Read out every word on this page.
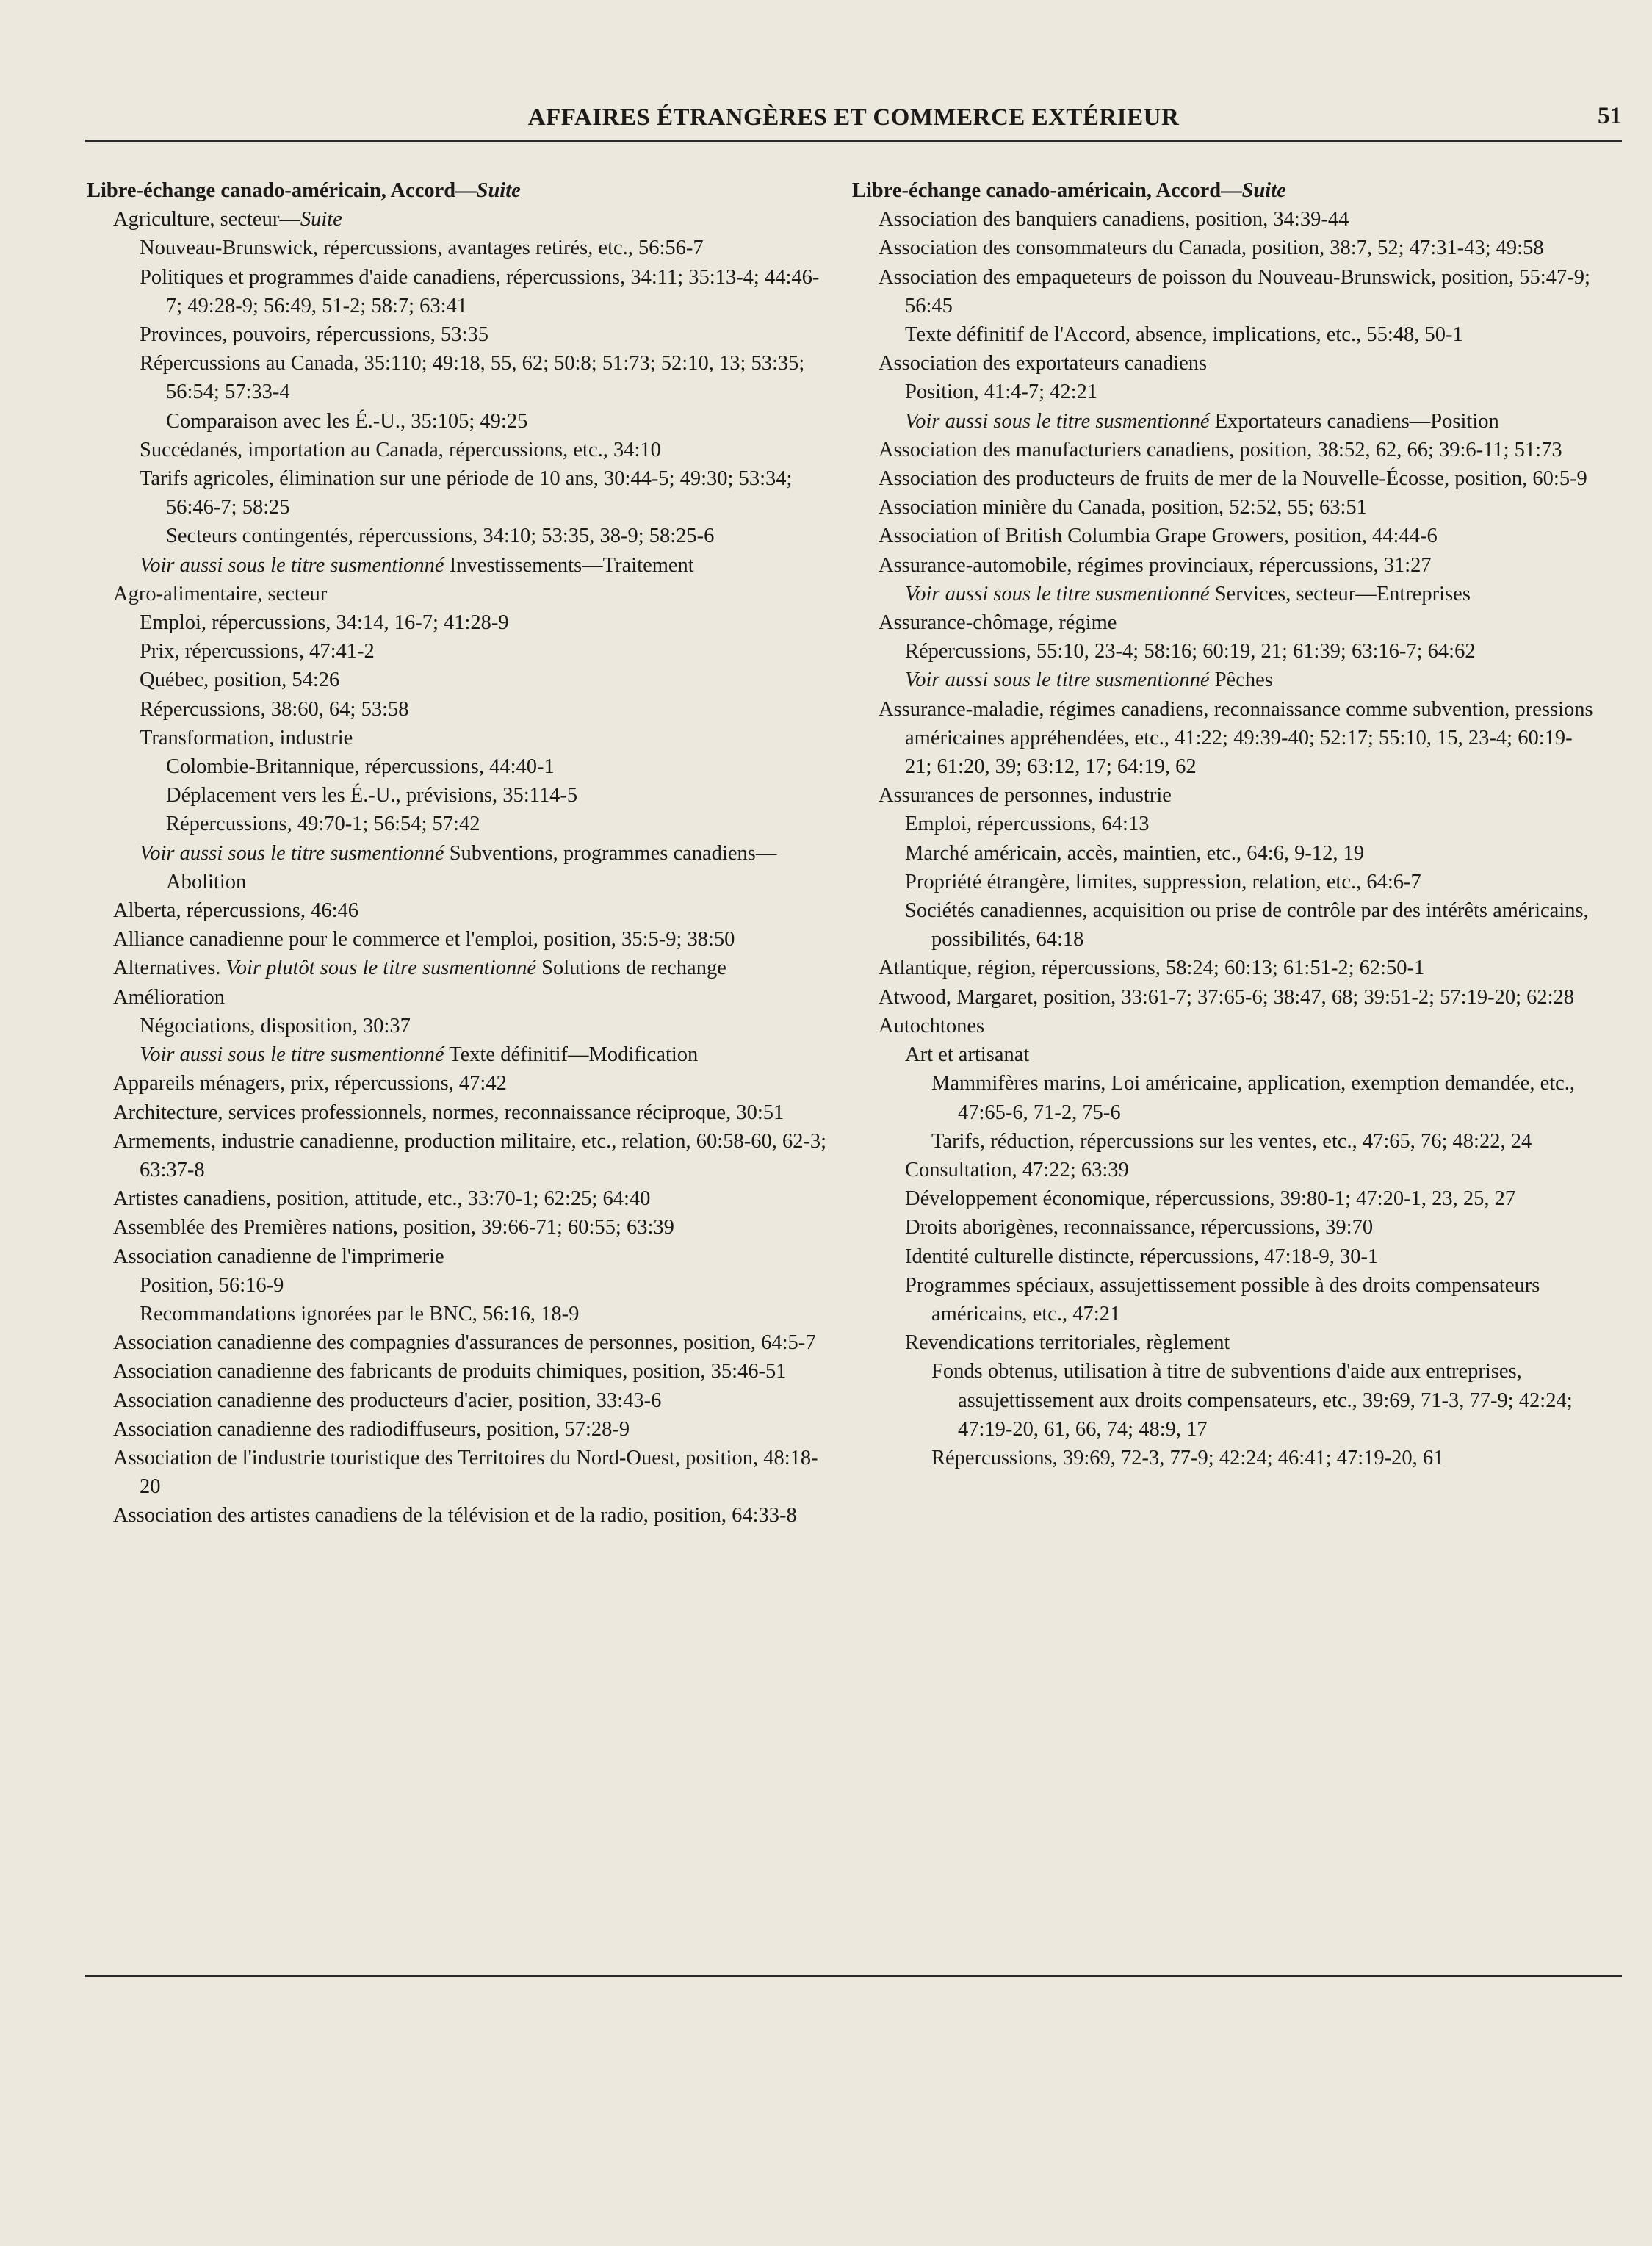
AFFAIRES ÉTRANGÈRES ET COMMERCE EXTÉRIEUR	51

Libre-échange canado-américain, Accord—Suite

Agriculture, secteur—Suite

Nouveau-Brunswick, répercussions, avantages retirés, etc., 56:56-7

Politiques et programmes d'aide canadiens, répercussions, 34:11; 35:13-4; 44:46-7; 49:28-9; 56:49, 51-2; 58:7; 63:41

Provinces, pouvoirs, répercussions, 53:35

Répercussions au Canada, 35:110; 49:18, 55, 62; 50:8; 51:73; 52:10, 13; 53:35; 56:54; 57:33-4

Comparaison avec les É.-U., 35:105; 49:25

Succédanés, importation au Canada, répercussions, etc., 34:10

Tarifs agricoles, élimination sur une période de 10 ans, 30:44-5; 49:30; 53:34; 56:46-7; 58:25

Secteurs contingentés, répercussions, 34:10; 53:35, 38-9; 58:25-6

Voir aussi sous le titre susmentionné Investissements—Traitement

Agro-alimentaire, secteur

Emploi, répercussions, 34:14, 16-7; 41:28-9

Prix, répercussions, 47:41-2

Québec, position, 54:26

Répercussions, 38:60, 64; 53:58

Transformation, industrie

Colombie-Britannique, répercussions, 44:40-1

Déplacement vers les É.-U., prévisions, 35:114-5

Répercussions, 49:70-1; 56:54; 57:42

Voir aussi sous le titre susmentionné Subventions, programmes canadiens—Abolition

Alberta, répercussions, 46:46

Alliance canadienne pour le commerce et l'emploi, position, 35:5-9; 38:50

Alternatives. Voir plutôt sous le titre susmentionné Solutions de rechange

Amélioration

Négociations, disposition, 30:37

Voir aussi sous le titre susmentionné Texte définitif—Modification

Appareils ménagers, prix, répercussions, 47:42

Architecture, services professionnels, normes, reconnaissance réciproque, 30:51

Armements, industrie canadienne, production militaire, etc., relation, 60:58-60, 62-3; 63:37-8

Artistes canadiens, position, attitude, etc., 33:70-1; 62:25; 64:40

Assemblée des Premières nations, position, 39:66-71; 60:55; 63:39

Association canadienne de l'imprimerie

Position, 56:16-9

Recommandations ignorées par le BNC, 56:16, 18-9

Association canadienne des compagnies d'assurances de personnes, position, 64:5-7

Association canadienne des fabricants de produits chimiques, position, 35:46-51

Association canadienne des producteurs d'acier, position, 33:43-6

Association canadienne des radiodiffuseurs, position, 57:28-9

Association de l'industrie touristique des Territoires du Nord-Ouest, position, 48:18-20

Association des artistes canadiens de la télévision et de la radio, position, 64:33-8

Libre-échange canado-américain, Accord—Suite

Association des banquiers canadiens, position, 34:39-44

Association des consommateurs du Canada, position, 38:7, 52; 47:31-43; 49:58

Association des empaqueteurs de poisson du Nouveau-Brunswick, position, 55:47-9; 56:45

Texte définitif de l'Accord, absence, implications, etc., 55:48, 50-1

Association des exportateurs canadiens

Position, 41:4-7; 42:21

Voir aussi sous le titre susmentionné Exportateurs canadiens—Position

Association des manufacturiers canadiens, position, 38:52, 62, 66; 39:6-11; 51:73

Association des producteurs de fruits de mer de la Nouvelle-Écosse, position, 60:5-9

Association minière du Canada, position, 52:52, 55; 63:51

Association of British Columbia Grape Growers, position, 44:44-6

Assurance-automobile, régimes provinciaux, répercussions, 31:27

Voir aussi sous le titre susmentionné Services, secteur—Entreprises

Assurance-chômage, régime

Répercussions, 55:10, 23-4; 58:16; 60:19, 21; 61:39; 63:16-7; 64:62

Voir aussi sous le titre susmentionné Pêches

Assurance-maladie, régimes canadiens, reconnaissance comme subvention, pressions américaines appréhendées, etc., 41:22; 49:39-40; 52:17; 55:10, 15, 23-4; 60:19-21; 61:20, 39; 63:12, 17; 64:19, 62

Assurances de personnes, industrie

Emploi, répercussions, 64:13

Marché américain, accès, maintien, etc., 64:6, 9-12, 19

Propriété étrangère, limites, suppression, relation, etc., 64:6-7

Sociétés canadiennes, acquisition ou prise de contrôle par des intérêts américains, possibilités, 64:18

Atlantique, région, répercussions, 58:24; 60:13; 61:51-2; 62:50-1

Atwood, Margaret, position, 33:61-7; 37:65-6; 38:47, 68; 39:51-2; 57:19-20; 62:28

Autochtones

Art et artisanat

Mammifères marins, Loi américaine, application, exemption demandée, etc., 47:65-6, 71-2, 75-6

Tarifs, réduction, répercussions sur les ventes, etc., 47:65, 76; 48:22, 24

Consultation, 47:22; 63:39

Développement économique, répercussions, 39:80-1; 47:20-1, 23, 25, 27

Droits aborigènes, reconnaissance, répercussions, 39:70

Identité culturelle distincte, répercussions, 47:18-9, 30-1

Programmes spéciaux, assujettissement possible à des droits compensateurs américains, etc., 47:21

Revendications territoriales, règlement

Fonds obtenus, utilisation à titre de subventions d'aide aux entreprises, assujettissement aux droits compensateurs, etc., 39:69, 71-3, 77-9; 42:24; 47:19-20, 61, 66, 74; 48:9, 17

Répercussions, 39:69, 72-3, 77-9; 42:24; 46:41; 47:19-20, 61
